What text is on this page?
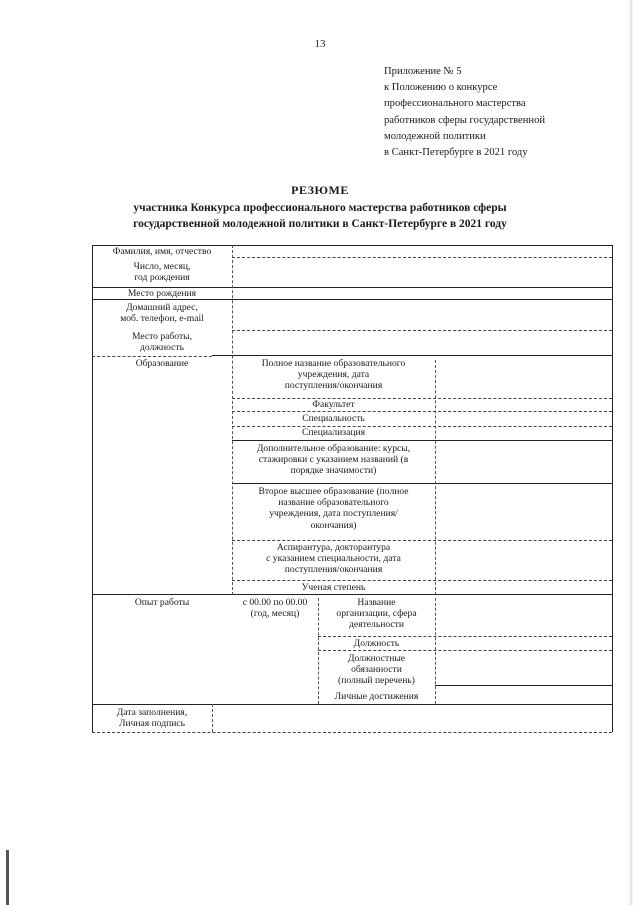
13
Приложение № 5
к Положению о конкурсе
профессионального мастерства
работников сферы государственной
молодежной политики
в Санкт-Петербурге в 2021 году
РЕЗЮМЕ
участника Конкурса профессионального мастерства работников сферы
государственной молодежной политики в Санкт-Петербурге в 2021 году
Фамилия, имя, отчество
Число, месяц,
год рождения
Место рождения
Домашний адрес,
моб. телефон, e-mail
Место работы,
должность
Образование
Опыт работы
Дата заполнения,
Личная подпись
Полное название образовательного
учреждения, дата
поступления/окончания
Факультет
Специальность
Специализация
Дополнительное образование: курсы,
стажировки с указанием названий (в
порядке значимости)
Второе высшее образование (полное
название образовательного
учреждения, дата поступления/
окончания)
Аспирантура, докторантура
с указанием специальности, дата
поступления/окончания
Ученая степень
с 00.00 по 00.00
(год, месяц)
Название
организации, сфера
деятельности
Должность
Должностные
обязанности
(полный перечень)
Личные достижения
